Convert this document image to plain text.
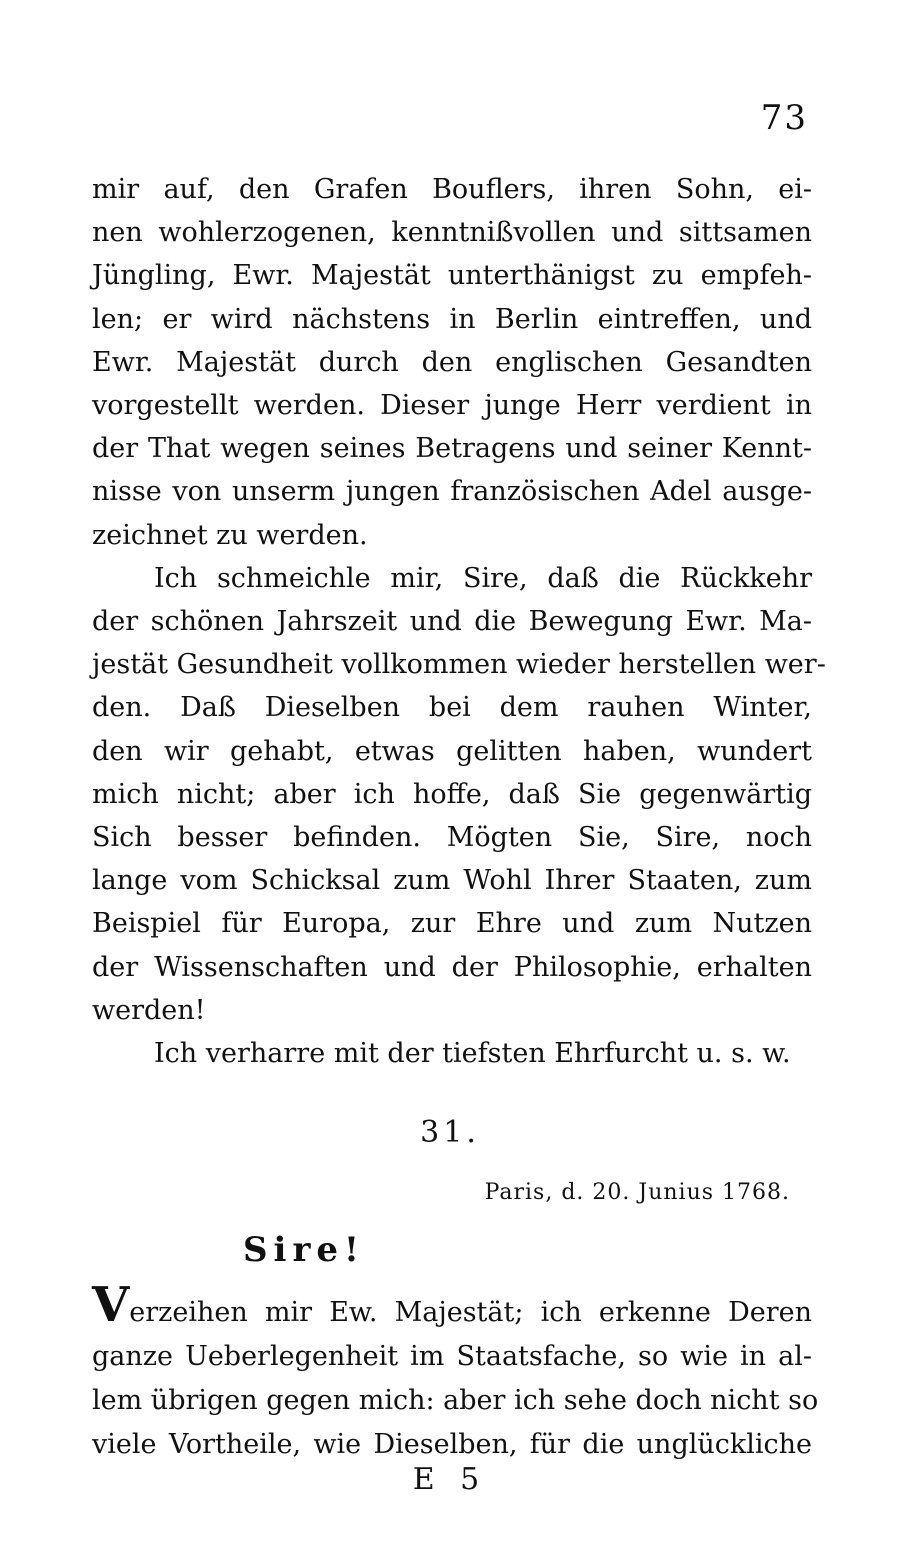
73
mir auf, den Grafen Bouflers, ihren Sohn, ei-
nen wohlerzogenen, kenntnißvollen und sittsamen
Jüngling, Ewr. Majestät unterthänigst zu empfeh-
len; er wird nächstens in Berlin eintreffen, und
Ewr. Majestät durch den englischen Gesandten
vorgestellt werden. Dieser junge Herr verdient in
der That wegen seines Betragens und seiner Kennt-
nisse von unserm jungen französischen Adel ausge-
zeichnet zu werden.
Ich schmeichle mir, Sire, daß die Rückkehr
der schönen Jahrszeit und die Bewegung Ewr. Ma-
jestät Gesundheit vollkommen wieder herstellen wer-
den. Daß Dieselben bei dem rauhen Winter,
den wir gehabt, etwas gelitten haben, wundert
mich nicht; aber ich hoffe, daß Sie gegenwärtig
Sich besser befinden. Mögten Sie, Sire, noch
lange vom Schicksal zum Wohl Ihrer Staaten, zum
Beispiel für Europa, zur Ehre und zum Nutzen
der Wissenschaften und der Philosophie, erhalten
werden!
Ich verharre mit der tiefsten Ehrfurcht u. s. w.
31.
Paris, d. 20. Junius 1768.
Sire!
Verzeihen mir Ew. Majestät; ich erkenne Deren
ganze Ueberlegenheit im Staatsfache, so wie in al-
lem übrigen gegen mich: aber ich sehe doch nicht so
viele Vortheile, wie Dieselben, für die unglückliche
E 5
